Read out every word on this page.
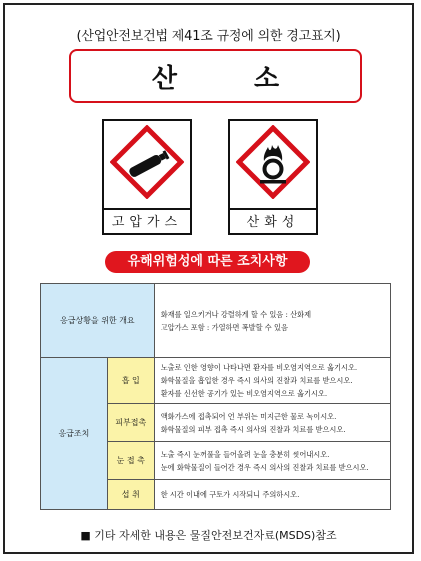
(산업안전보건법 제41조 규정에 의한 경고표지)
산 소
고압가스	산화성
유해위험성에 따른 조치사항
응급상황을 위한 개요		화재를 일으키거나 강렬하게 할 수 있음 : 산화제
고압가스 포함 : 가열하면 폭발할 수 있음

응급조치	흡 입	노출로 인한 영향이 나타나면 환자를 비오염지역으로 옮기시오.
화학물질을 흡입한 경우 즉시 의사의 진찰과 치료를 받으시오.
환자를 신선한 공기가 있는 비오염지역으로 옮기시오.

	피부접촉	액화가스에 접촉되어 언 부위는 미지근한 물로 녹이시오.
화학물질의 피부 접촉 즉시 의사의 진찰과 치료를 받으시오.

	눈 접 촉	노출 즉시 눈꺼풀을 들어올려 눈을 충분히 씻어내시오.
눈에 화학물질이 들어간 경우 즉시 의사의 진찰과 치료를 받으시오.

	섭 취	한 시간 이내에 구토가 시작되니 주의하시오.
■ 기타 자세한 내용은 물질안전보건자료(MSDS)참조
